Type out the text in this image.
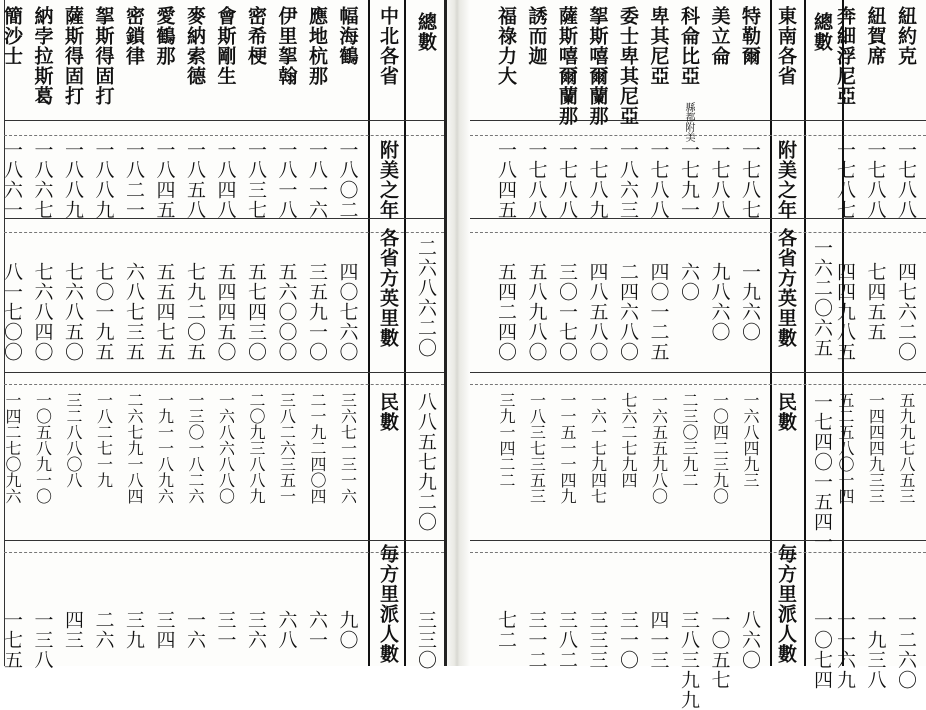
中北各省
附美之年
各省方英里數
民數
毎方里派人數
總數
二六八六二〇
八八五七九二〇
三三〇
幅海鶴
一八〇二
四〇七六〇
三六七一三一六
九〇
應地杭那
一八一六
三五九一〇
二一九二四〇四
六一
伊里挐翰
一八一八
五六〇〇〇
三八二六三五一
六八
密希梗
一八三七
五七四三〇
二〇九三八八九
三六
會斯剛生
一八四八
五四四五〇
一六八六八八〇
三一
麥納索德
一八五八
七九二〇五
一三〇一八二六
一六
愛鶴那
一八四五
五五四七五
一九一一八九六
三四
密鎖律
一八二一
六八七三五
二六七九一八四
三九
挐斯得固打
一八八九
七〇一九五
一八二七一九
二六
薩斯得固打
一八八九
七六八五〇
三二八八〇八
四三
納孛拉斯葛
一八六七
七六八四〇
一〇五八九一〇
一三八
簡沙士
一八六一
八一七〇〇
一四二七〇九六
一七五
紐約克
一七八八
四七六二〇
五九九七八五三
一二六〇
紐賀席
一七八八
七四五五
一四四四九三三
一九三八
奔細浮尼亞
一七八七
四四九八五
五二五八〇一四
一一六九
總數
一六二〇六五
一七四〇一五四一
一〇七四
東南各省
附美之年
各省方英里數
民數
毎方里派人數
特勒爾
一七八七
一九六〇
一六八四九三
八六〇
美立侖
一七八八
九八六〇
一〇四二三九〇
一〇五七
科侖比亞
縣都附美
一七九一
六〇
二三〇三九二
三八三九九
卑其尼亞
一七八八
四〇一二五
一六五五九八〇
四一三
委士卑其尼亞
一八六三
二四六八〇
七六二七九四
三一〇
挐斯嘻爾蘭那
一七八九
四八五八〇
一六一七九四七
三三三
薩斯嘻爾蘭那
一七八八
三〇一七〇
一一五一一四九
三八二
誘而迦
一七八八
五八九八〇
一八三七三五三
三一二
福祿力大
一八四五
五四二四〇
三九一四二二
七二
